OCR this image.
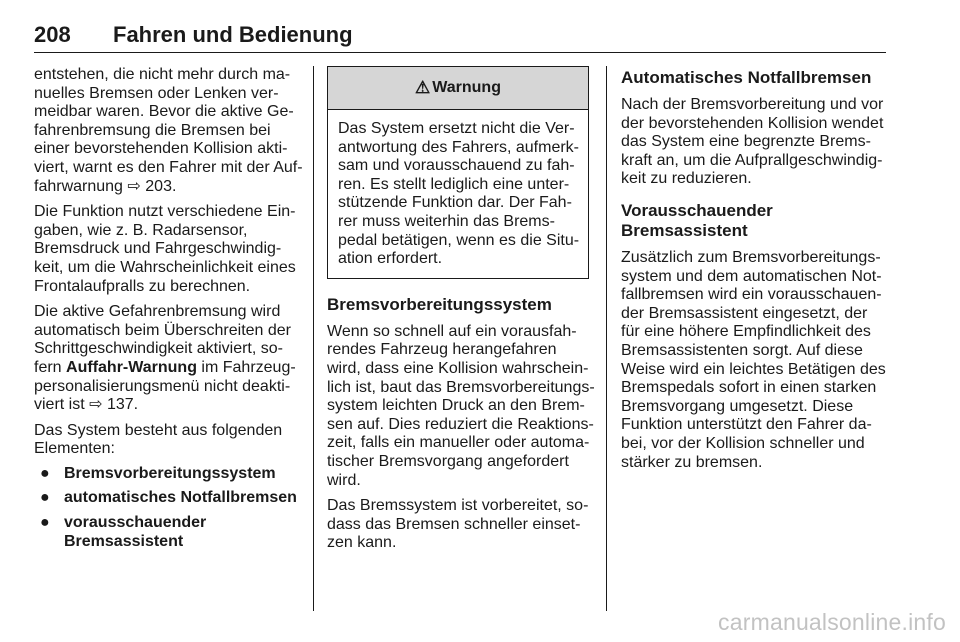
208 Fahren und Bedienung
entstehen, die nicht mehr durch ma-
nuelles Bremsen oder Lenken ver-
meidbar waren. Bevor die aktive Ge-
fahrenbremsung die Bremsen bei
einer bevorstehenden Kollision akti-
viert, warnt es den Fahrer mit der Auf-
fahrwarnung ⇨ 203.
Die Funktion nutzt verschiedene Ein-
gaben, wie z. B. Radarsensor,
Bremsdruck und Fahrgeschwindig-
keit, um die Wahrscheinlichkeit eines
Frontalaufpralls zu berechnen.
Die aktive Gefahrenbremsung wird
automatisch beim Überschreiten der
Schrittgeschwindigkeit aktiviert, so-
fern Auffahr-Warnung im Fahrzeug-
personalisierungsmenü nicht deakti-
viert ist ⇨ 137.
Das System besteht aus folgenden
Elementen:
● Bremsvorbereitungssystem
● automatisches Notfallbremsen
● vorausschauender
Bremsassistent
⚠ Warnung
Das System ersetzt nicht die Ver-
antwortung des Fahrers, aufmerk-
sam und vorausschauend zu fah-
ren. Es stellt lediglich eine unter-
stützende Funktion dar. Der Fah-
rer muss weiterhin das Brems-
pedal betätigen, wenn es die Situ-
ation erfordert.
Bremsvorbereitungssystem
Wenn so schnell auf ein vorausfah-
rendes Fahrzeug herangefahren
wird, dass eine Kollision wahrschein-
lich ist, baut das Bremsvorbereitungs-
system leichten Druck an den Brem-
sen auf. Dies reduziert die Reaktions-
zeit, falls ein manueller oder automa-
tischer Bremsvorgang angefordert
wird.
Das Bremssystem ist vorbereitet, so-
dass das Bremsen schneller einset-
zen kann.
Automatisches Notfallbremsen
Nach der Bremsvorbereitung und vor
der bevorstehenden Kollision wendet
das System eine begrenzte Brems-
kraft an, um die Aufprallgeschwindig-
keit zu reduzieren.
Vorausschauender
Bremsassistent
Zusätzlich zum Bremsvorbereitungs-
system und dem automatischen Not-
fallbremsen wird ein vorausschauen-
der Bremsassistent eingesetzt, der
für eine höhere Empfindlichkeit des
Bremsassistenten sorgt. Auf diese
Weise wird ein leichtes Betätigen des
Bremspedals sofort in einen starken
Bremsvorgang umgesetzt. Diese
Funktion unterstützt den Fahrer da-
bei, vor der Kollision schneller und
stärker zu bremsen.
carmanualsonline.info
